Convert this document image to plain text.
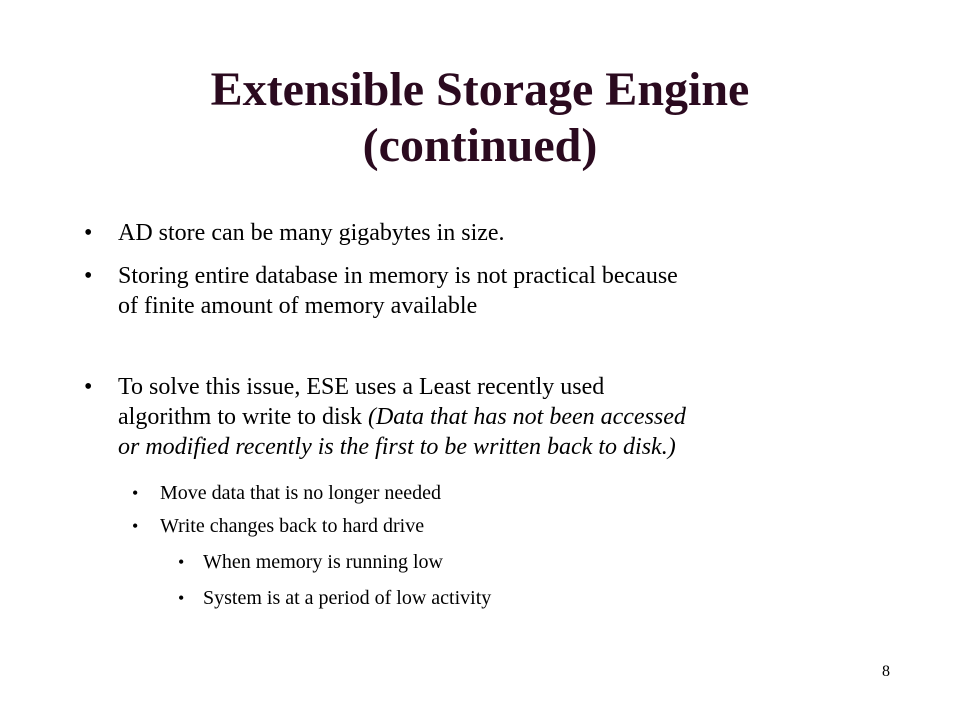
Extensible Storage Engine
(continued)
• AD store can be many gigabytes in size.
• Storing entire database in memory is not practical because
of finite amount of memory available
• To solve this issue, ESE uses a Least recently used
algorithm to write to disk (Data that has not been accessed
or modified recently is the first to be written back to disk.)
• Move data that is no longer needed
• Write changes back to hard drive
• When memory is running low
• System is at a period of low activity
8
